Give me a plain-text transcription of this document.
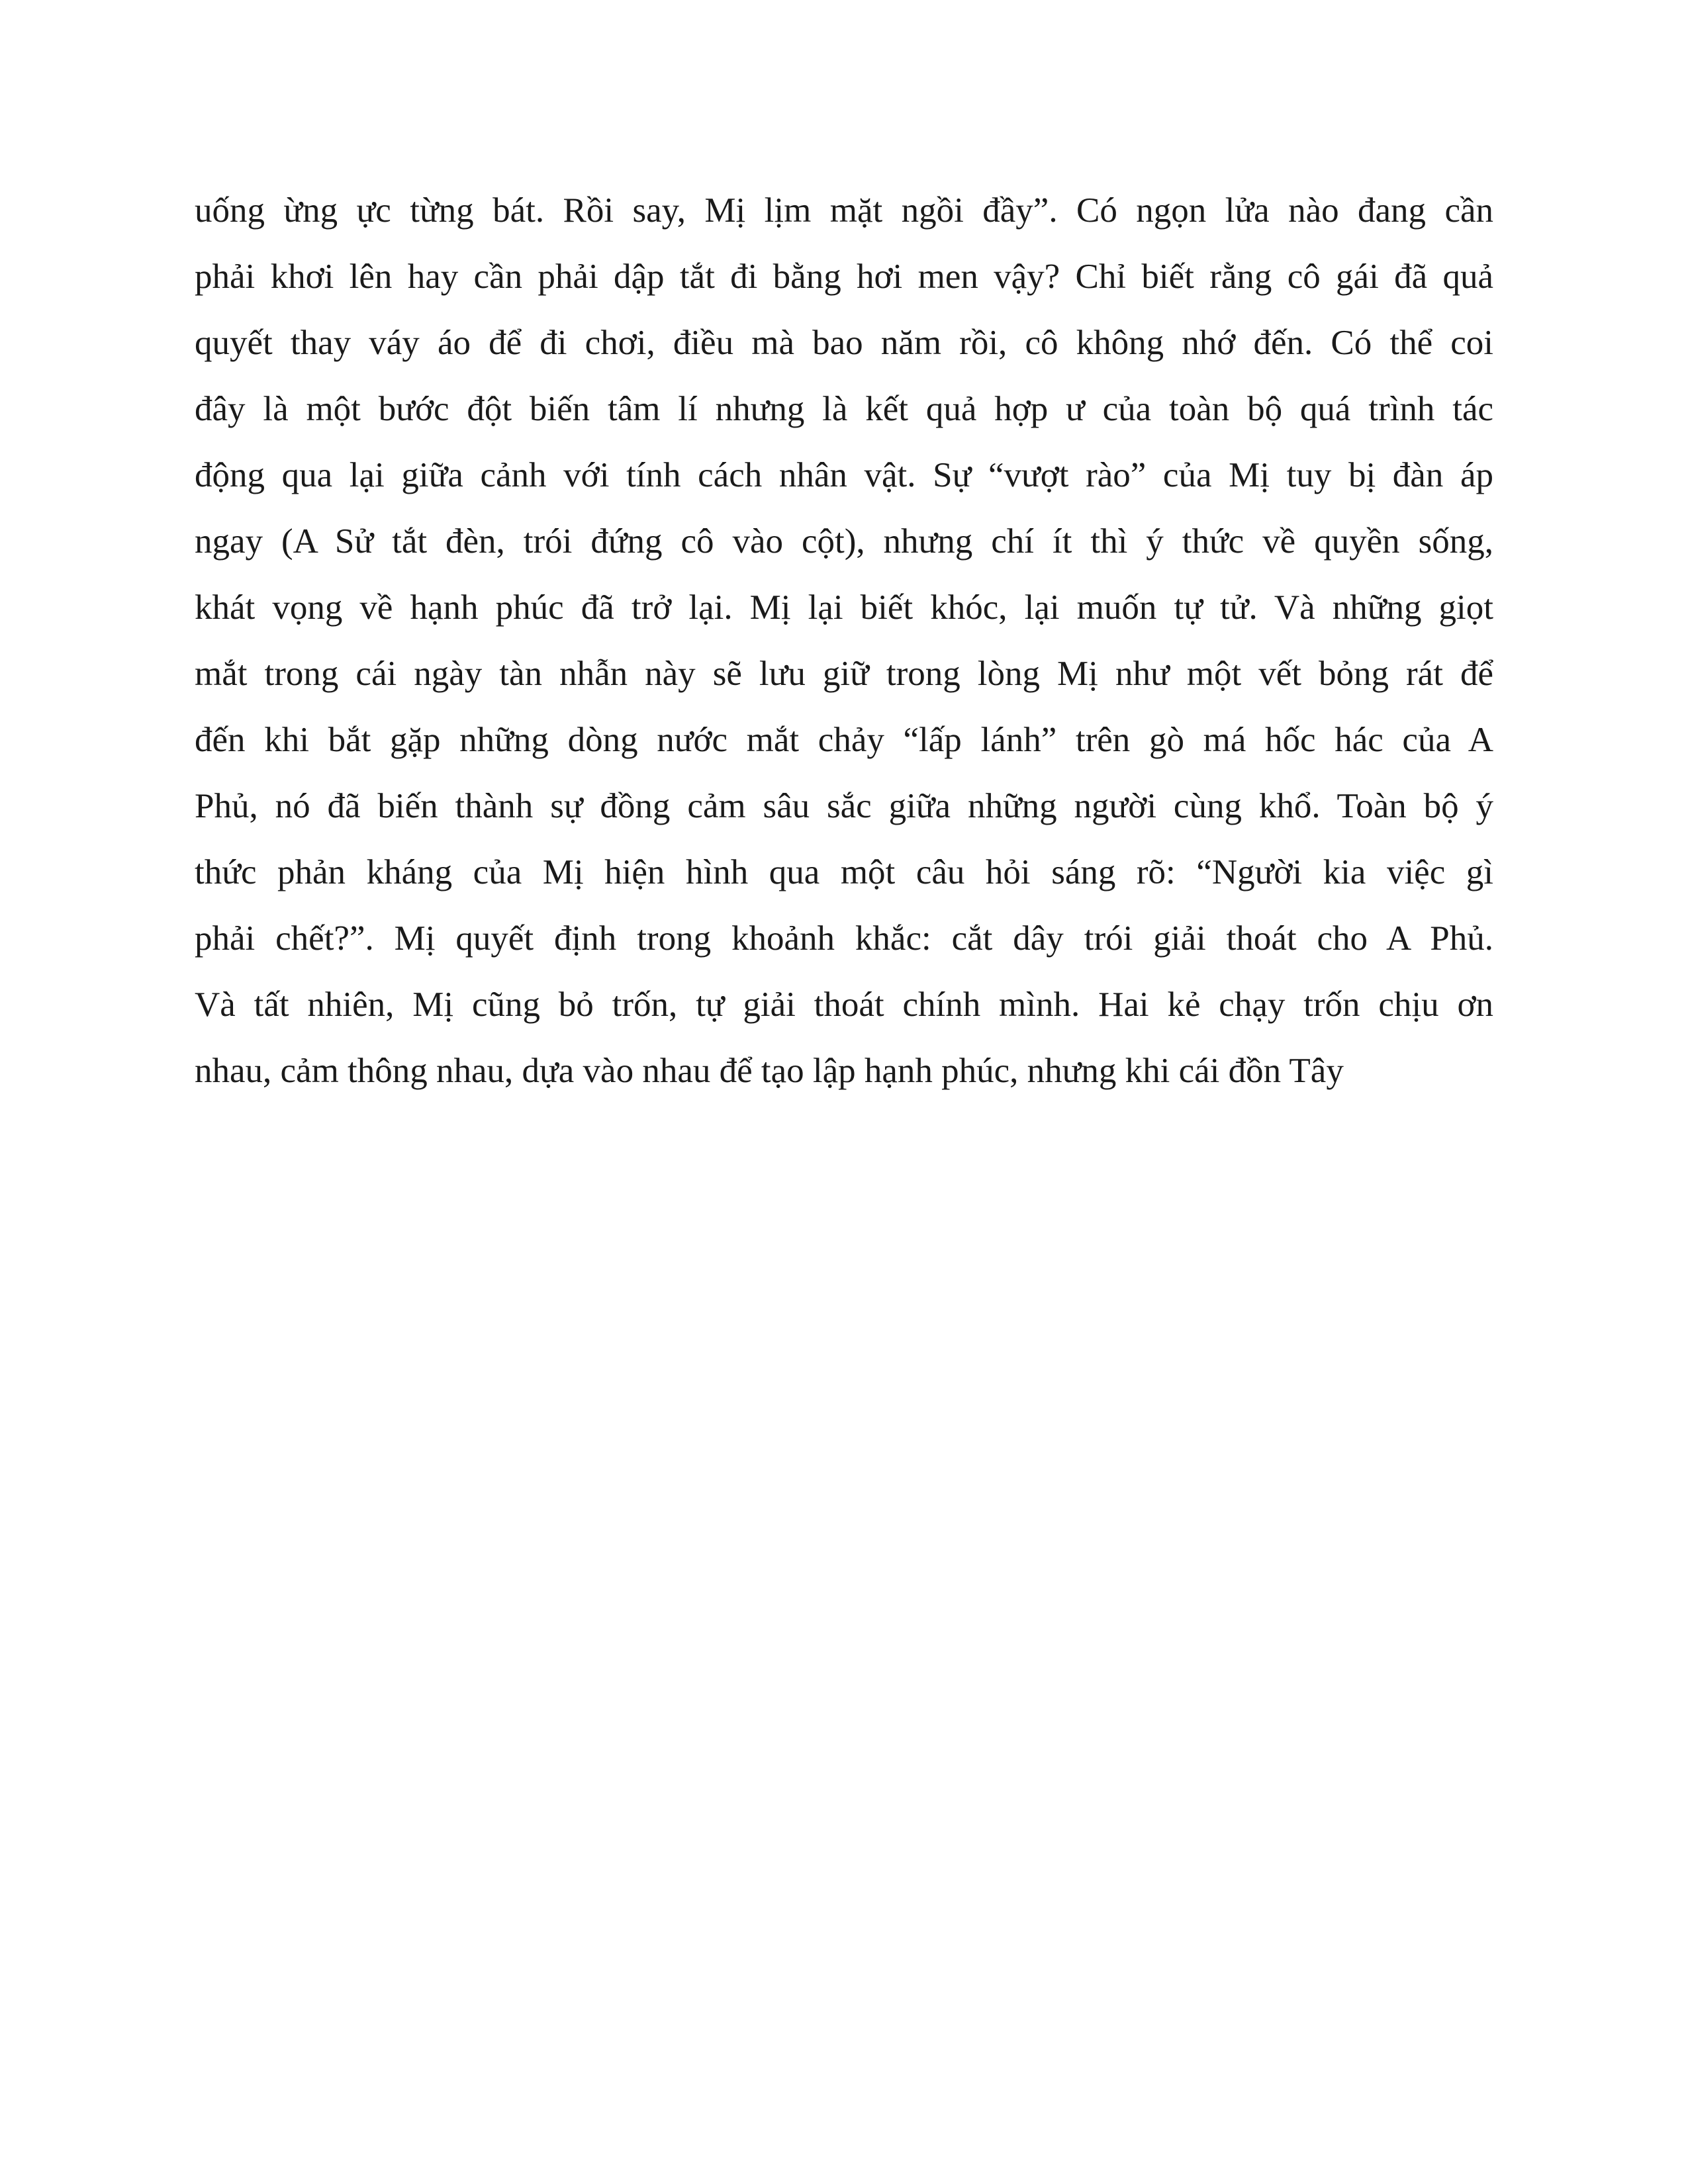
uống ừng ực từng bát. Rồi say, Mị lịm mặt ngồi đầy”. Có ngọn lửa nào đang cần
phải khơi lên hay cần phải dập tắt đi bằng hơi men vậy? Chỉ biết rằng cô gái đã quả
quyết thay váy áo để đi chơi, điều mà bao năm rồi, cô không nhớ đến. Có thể coi
đây là một bước đột biến tâm lí nhưng là kết quả hợp ư của toàn bộ quá trình tác
động qua lại giữa cảnh với tính cách nhân vật. Sự “vượt rào” của Mị tuy bị đàn áp
ngay (A Sử tắt đèn, trói đứng cô vào cột), nhưng chí ít thì ý thức về quyền sống,
khát vọng về hạnh phúc đã trở lại. Mị lại biết khóc, lại muốn tự tử. Và những giọt
mắt trong cái ngày tàn nhẫn này sẽ lưu giữ trong lòng Mị như một vết bỏng rát để
đến khi bắt gặp những dòng nước mắt chảy “lấp lánh” trên gò má hốc hác của A
Phủ, nó đã biến thành sự đồng cảm sâu sắc giữa những người cùng khổ. Toàn bộ ý
thức phản kháng của Mị hiện hình qua một câu hỏi sáng rõ: “Người kia việc gì
phải chết?”. Mị quyết định trong khoảnh khắc: cắt dây trói giải thoát cho A Phủ.
Và tất nhiên, Mị cũng bỏ trốn, tự giải thoát chính mình. Hai kẻ chạy trốn chịu ơn
nhau, cảm thông nhau, dựa vào nhau để tạo lập hạnh phúc, nhưng khi cái đồn Tây
